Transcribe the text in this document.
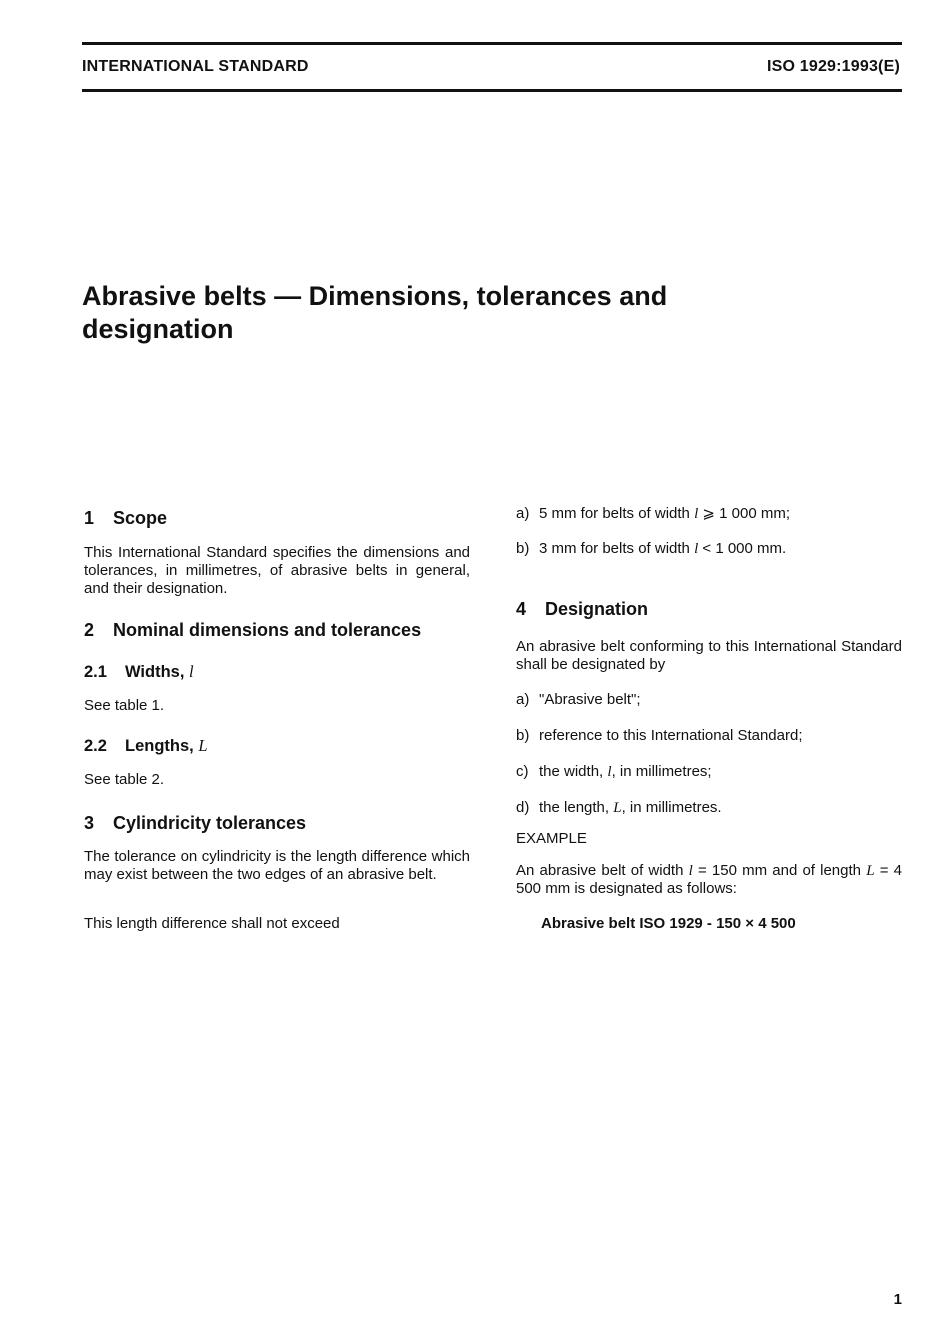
INTERNATIONAL STANDARD	ISO 1929:1993(E)
Abrasive belts — Dimensions, tolerances and designation
1 Scope

This International Standard specifies the dimensions and tolerances, in millimetres, of abrasive belts in general, and their designation.

2 Nominal dimensions and tolerances
2.1 Widths, l

See table 1.

2.2 Lengths, L

See table 2.

3 Cylindricity tolerances

The tolerance on cylindricity is the length difference which may exist between the two edges of an abrasive belt.

This length difference shall not exceed

a) 5 mm for belts of width l ⩾ 1 000 mm;
b) 3 mm for belts of width l < 1 000 mm.
4 Designation

An abrasive belt conforming to this International Standard shall be designated by

a) "Abrasive belt";
b) reference to this International Standard;
c) the width, l, in millimetres;
d) the length, L, in millimetres.
EXAMPLE

An abrasive belt of width l = 150 mm and of length L = 4 500 mm is designated as follows:

Abrasive belt ISO 1929 - 150 × 4 500
1
